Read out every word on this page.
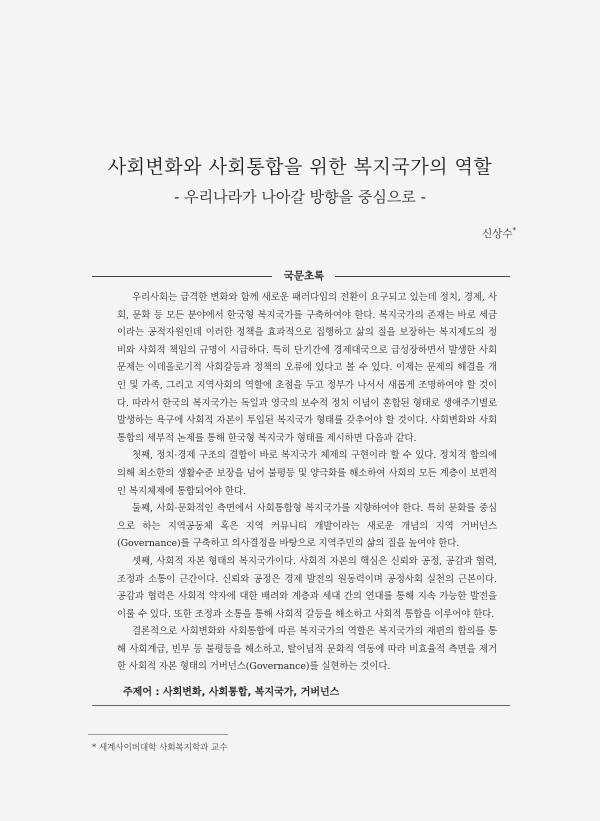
사회변화와 사회통합을 위한 복지국가의 역할
- 우리나라가 나아갈 방향을 중심으로 -
신상수*
국문초록

우리사회는 급격한 변화와 함께 새로운 패러다임의 전환이 요구되고 있는데 정치, 경제, 사회, 문화 등 모든 분야에서 한국형 복지국가를 구축하여야 한다. 복지국가의 존재는 바로 세금이라는 공적자원인데 이러한 정책을 효과적으로 집행하고 삶의 질을 보장하는 복지제도의 정비와 사회적 책임의 규명이 시급하다. 특히 단기간에 경제대국으로 급성장하면서 발생한 사회문제는 이데올로기적 사회갈등과 정책의 오류에 있다고 볼 수 있다. 이제는 문제의 해결을 개인 및 가족, 그리고 지역사회의 역할에 초점을 두고 정부가 나서서 새롭게 조명하여야 할 것이다. 따라서 한국의 복지국가는 독일과 영국의 보수적 정치 이념이 혼합된 형태로 생애주기별로 발생하는 욕구에 사회적 자본이 투입된 복지국가 형태를 갖추어야 할 것이다. 사회변화와 사회통합의 세부적 논제를 통해 한국형 복지국가 형태를 제시하면 다음과 같다.

첫째, 정치·경제 구조의 결합이 바로 복지국가 체제의 구현이라 할 수 있다. 정치적 합의에 의해 최소한의 생활수준 보장을 넘어 불평등 및 양극화를 해소하여 사회의 모든 계층이 보편적인 복지체제에 통합되어야 한다.

둘째, 사회·문화적인 측면에서 사회통합형 복지국가를 지향하여야 한다. 특히 문화를 중심으로 하는 지역공동체 혹은 지역 커뮤니티 개발이라는 새로운 개념의 지역 거버넌스(Governance)를 구축하고 의사결정을 바탕으로 지역주민의 삶의 질을 높여야 한다.

셋째, 사회적 자본 형태의 복지국가이다. 사회적 자본의 핵심은 신뢰와 공정, 공감과 협력, 조정과 소통이 근간이다. 신뢰와 공정은 경제 발전의 원동력이며 공정사회 실천의 근본이다. 공감과 협력은 사회적 약자에 대한 배려와 계층과 세대 간의 연대를 통해 지속 가능한 발전을 이룰 수 있다. 또한 조정과 소통을 통해 사회적 갈등을 해소하고 사회적 통합을 이루어야 한다.

결론적으로 사회변화와 사회통합에 따른 복지국가의 역할은 복지국가의 재편의 합의를 통해 사회계급, 빈부 등 불평등을 해소하고, 탈이념적 문화적 역동에 따라 비효율적 측면을 제거한 사회적 자본 형태의 거버넌스(Governance)를 실현하는 것이다.

주제어 : 사회변화, 사회통합, 복지국가, 거버넌스
* 세계사이버대학 사회복지학과 교수
